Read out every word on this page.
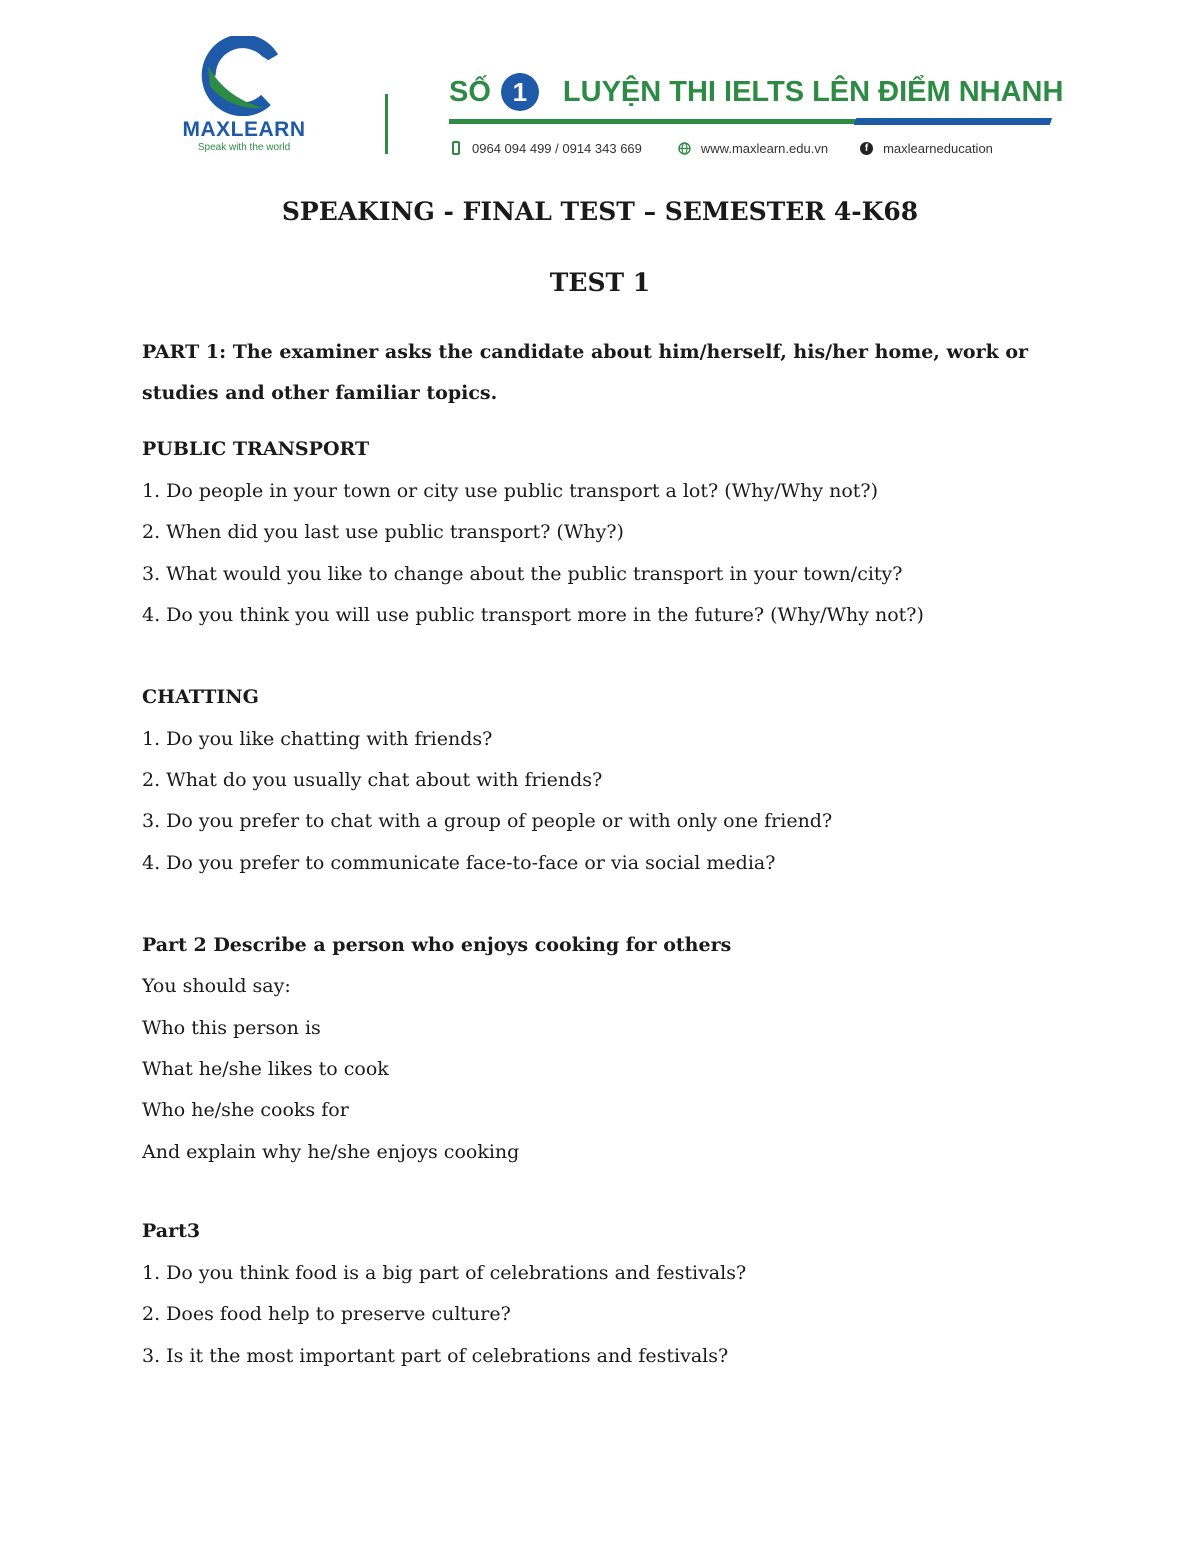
MAXLEARN
Speak with the world
SỐ 1	LUYỆN THI IELTS LÊN ĐIỂM NHANH
0964 094 499 / 0914 343 669	www.maxlearn.edu.vn	f	maxlearneducation
SPEAKING - FINAL TEST – SEMESTER 4-K68
TEST 1
PART 1: The examiner asks the candidate about him/herself, his/her home, work or
studies and other familiar topics.
PUBLIC TRANSPORT
1. Do people in your town or city use public transport a lot? (Why/Why not?)
2. When did you last use public transport? (Why?)
3. What would you like to change about the public transport in your town/city?
4. Do you think you will use public transport more in the future? (Why/Why not?)
CHATTING
1. Do you like chatting with friends?
2. What do you usually chat about with friends?
3. Do you prefer to chat with a group of people or with only one friend?
4. Do you prefer to communicate face-to-face or via social media?
Part 2 Describe a person who enjoys cooking for others
You should say:
Who this person is
What he/she likes to cook
Who he/she cooks for
And explain why he/she enjoys cooking
Part3
1. Do you think food is a big part of celebrations and festivals?
2. Does food help to preserve culture?
3. Is it the most important part of celebrations and festivals?
